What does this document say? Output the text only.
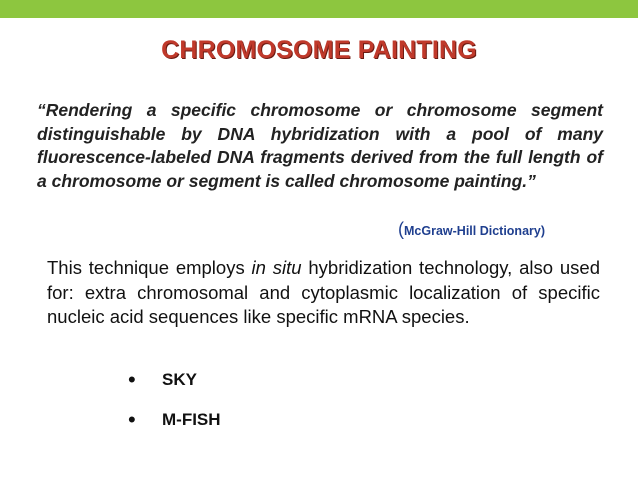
CHROMOSOME PAINTING
“Rendering a specific chromosome or chromosome segment distinguishable by DNA hybridization with a pool of many fluorescence-labeled DNA fragments derived from the full length of a chromosome or segment is called chromosome painting.”
(McGraw-Hill Dictionary)
This technique employs in situ hybridization technology, also used for: extra chromosomal and cytoplasmic localization of specific nucleic acid sequences like specific mRNA species.
•	SKY
•	M-FISH
